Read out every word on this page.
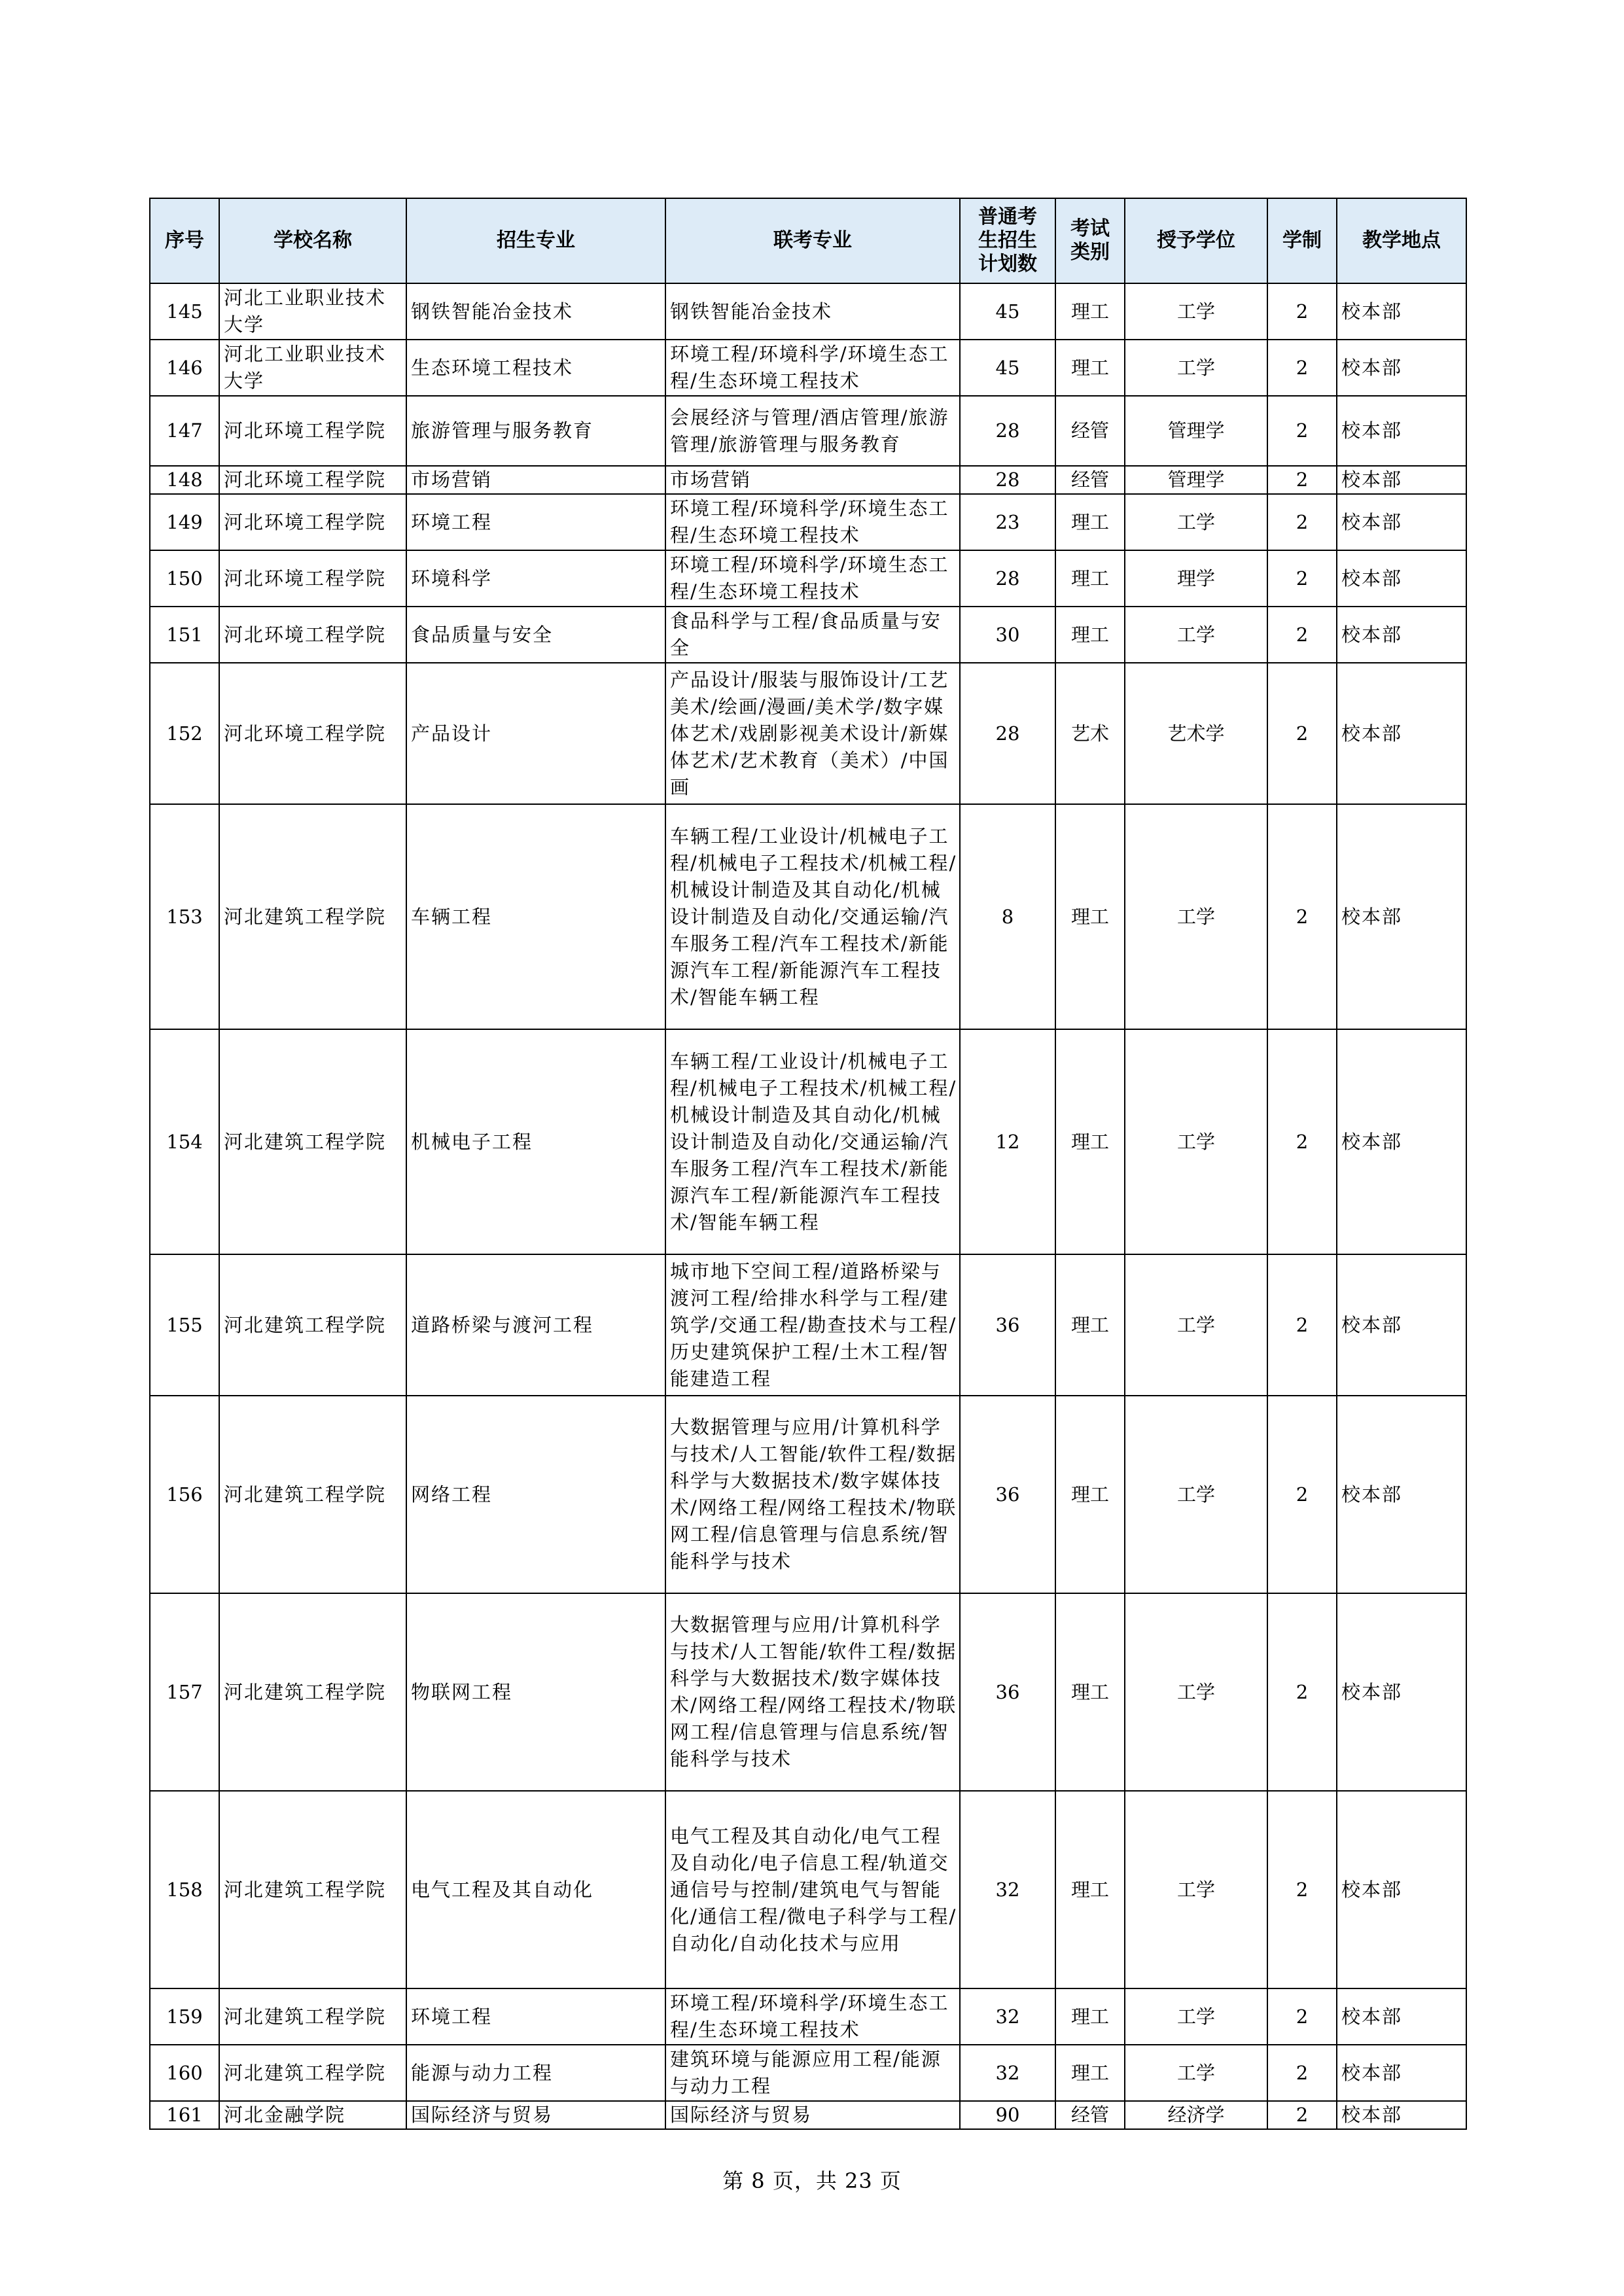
序号	学校名称	招生专业	联考专业	普通考生招生计划数	考试类别	授予学位	学制	教学地点
145	河北工业职业技术大学	钢铁智能冶金技术	钢铁智能冶金技术	45	理工	工学	2	校本部
146	河北工业职业技术大学	生态环境工程技术	环境工程/环境科学/环境生态工程/生态环境工程技术	45	理工	工学	2	校本部
147	河北环境工程学院	旅游管理与服务教育	会展经济与管理/酒店管理/旅游管理/旅游管理与服务教育	28	经管	管理学	2	校本部
148	河北环境工程学院	市场营销	市场营销	28	经管	管理学	2	校本部
149	河北环境工程学院	环境工程	环境工程/环境科学/环境生态工程/生态环境工程技术	23	理工	工学	2	校本部
150	河北环境工程学院	环境科学	环境工程/环境科学/环境生态工程/生态环境工程技术	28	理工	理学	2	校本部
151	河北环境工程学院	食品质量与安全	食品科学与工程/食品质量与安全	30	理工	工学	2	校本部
152	河北环境工程学院	产品设计	产品设计/服装与服饰设计/工艺美术/绘画/漫画/美术学/数字媒体艺术/戏剧影视美术设计/新媒体艺术/艺术教育（美术）/中国画	28	艺术	艺术学	2	校本部
153	河北建筑工程学院	车辆工程	车辆工程/工业设计/机械电子工程/机械电子工程技术/机械工程/机械设计制造及其自动化/机械设计制造及自动化/交通运输/汽车服务工程/汽车工程技术/新能源汽车工程/新能源汽车工程技术/智能车辆工程	8	理工	工学	2	校本部
154	河北建筑工程学院	机械电子工程	车辆工程/工业设计/机械电子工程/机械电子工程技术/机械工程/机械设计制造及其自动化/机械设计制造及自动化/交通运输/汽车服务工程/汽车工程技术/新能源汽车工程/新能源汽车工程技术/智能车辆工程	12	理工	工学	2	校本部
155	河北建筑工程学院	道路桥梁与渡河工程	城市地下空间工程/道路桥梁与渡河工程/给排水科学与工程/建筑学/交通工程/勘查技术与工程/历史建筑保护工程/土木工程/智能建造工程	36	理工	工学	2	校本部
156	河北建筑工程学院	网络工程	大数据管理与应用/计算机科学与技术/人工智能/软件工程/数据科学与大数据技术/数字媒体技术/网络工程/网络工程技术/物联网工程/信息管理与信息系统/智能科学与技术	36	理工	工学	2	校本部
157	河北建筑工程学院	物联网工程	大数据管理与应用/计算机科学与技术/人工智能/软件工程/数据科学与大数据技术/数字媒体技术/网络工程/网络工程技术/物联网工程/信息管理与信息系统/智能科学与技术	36	理工	工学	2	校本部
158	河北建筑工程学院	电气工程及其自动化	电气工程及其自动化/电气工程及自动化/电子信息工程/轨道交通信号与控制/建筑电气与智能化/通信工程/微电子科学与工程/自动化/自动化技术与应用	32	理工	工学	2	校本部
159	河北建筑工程学院	环境工程	环境工程/环境科学/环境生态工程/生态环境工程技术	32	理工	工学	2	校本部
160	河北建筑工程学院	能源与动力工程	建筑环境与能源应用工程/能源与动力工程	32	理工	工学	2	校本部
161	河北金融学院	国际经济与贸易	国际经济与贸易	90	经管	经济学	2	校本部
第 8 页，共 23 页
